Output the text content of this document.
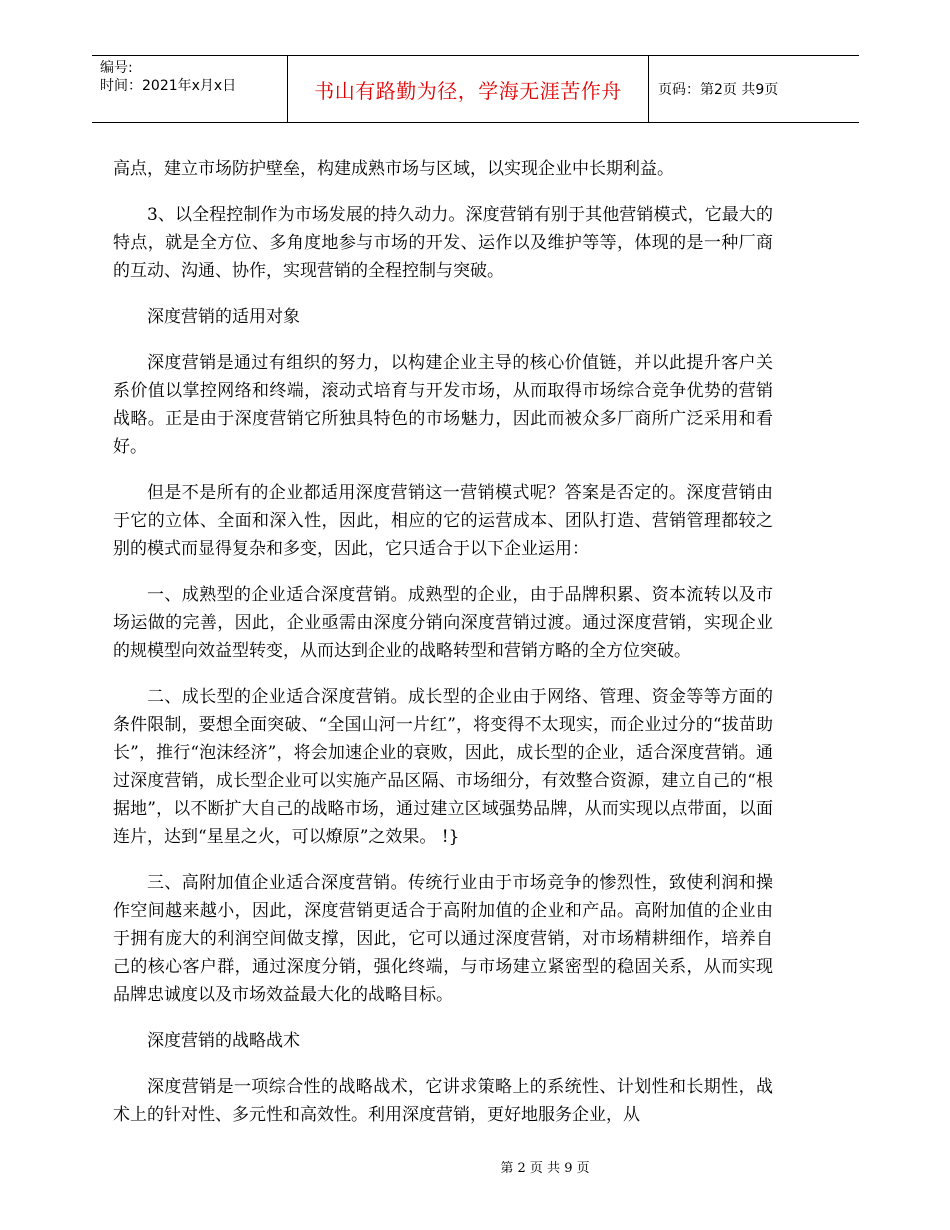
编号:
时间：2021年x月x日	书山有路勤为径，学海无涯苦作舟	页码：第2页 共9页

高点，建立市场防护壁垒，构建成熟市场与区域，以实现企业中长期利益。

3、以全程控制作为市场发展的持久动力。深度营销有别于其他营销模式，它最大的特点，就是全方位、多角度地参与市场的开发、运作以及维护等等，体现的是一种厂商的互动、沟通、协作，实现营销的全程控制与突破。

深度营销的适用对象

深度营销是通过有组织的努力，以构建企业主导的核心价值链，并以此提升客户关系价值以掌控网络和终端，滚动式培育与开发市场，从而取得市场综合竞争优势的营销战略。正是由于深度营销它所独具特色的市场魅力，因此而被众多厂商所广泛采用和看好。

但是不是所有的企业都适用深度营销这一营销模式呢？答案是否定的。深度营销由于它的立体、全面和深入性，因此，相应的它的运营成本、团队打造、营销管理都较之别的模式而显得复杂和多变，因此，它只适合于以下企业运用：

一、成熟型的企业适合深度营销。成熟型的企业，由于品牌积累、资本流转以及市场运做的完善，因此，企业亟需由深度分销向深度营销过渡。通过深度营销，实现企业的规模型向效益型转变，从而达到企业的战略转型和营销方略的全方位突破。

二、成长型的企业适合深度营销。成长型的企业由于网络、管理、资金等等方面的条件限制，要想全面突破、“全国山河一片红”，将变得不太现实，而企业过分的“拔苗助长”，推行“泡沫经济”，将会加速企业的衰败，因此，成长型的企业，适合深度营销。通过深度营销，成长型企业可以实施产品区隔、市场细分，有效整合资源，建立自己的“根据地”，以不断扩大自己的战略市场，通过建立区域强势品牌，从而实现以点带面，以面连片，达到“星星之火，可以燎原”之效果。 !}

三、高附加值企业适合深度营销。传统行业由于市场竞争的惨烈性，致使利润和操作空间越来越小，因此，深度营销更适合于高附加值的企业和产品。高附加值的企业由于拥有庞大的利润空间做支撑，因此，它可以通过深度营销，对市场精耕细作，培养自己的核心客户群，通过深度分销，强化终端，与市场建立紧密型的稳固关系，从而实现品牌忠诚度以及市场效益最大化的战略目标。

深度营销的战略战术

深度营销是一项综合性的战略战术，它讲求策略上的系统性、计划性和长期性，战术上的针对性、多元性和高效性。利用深度营销，更好地服务企业，从

第 2 页 共 9 页
